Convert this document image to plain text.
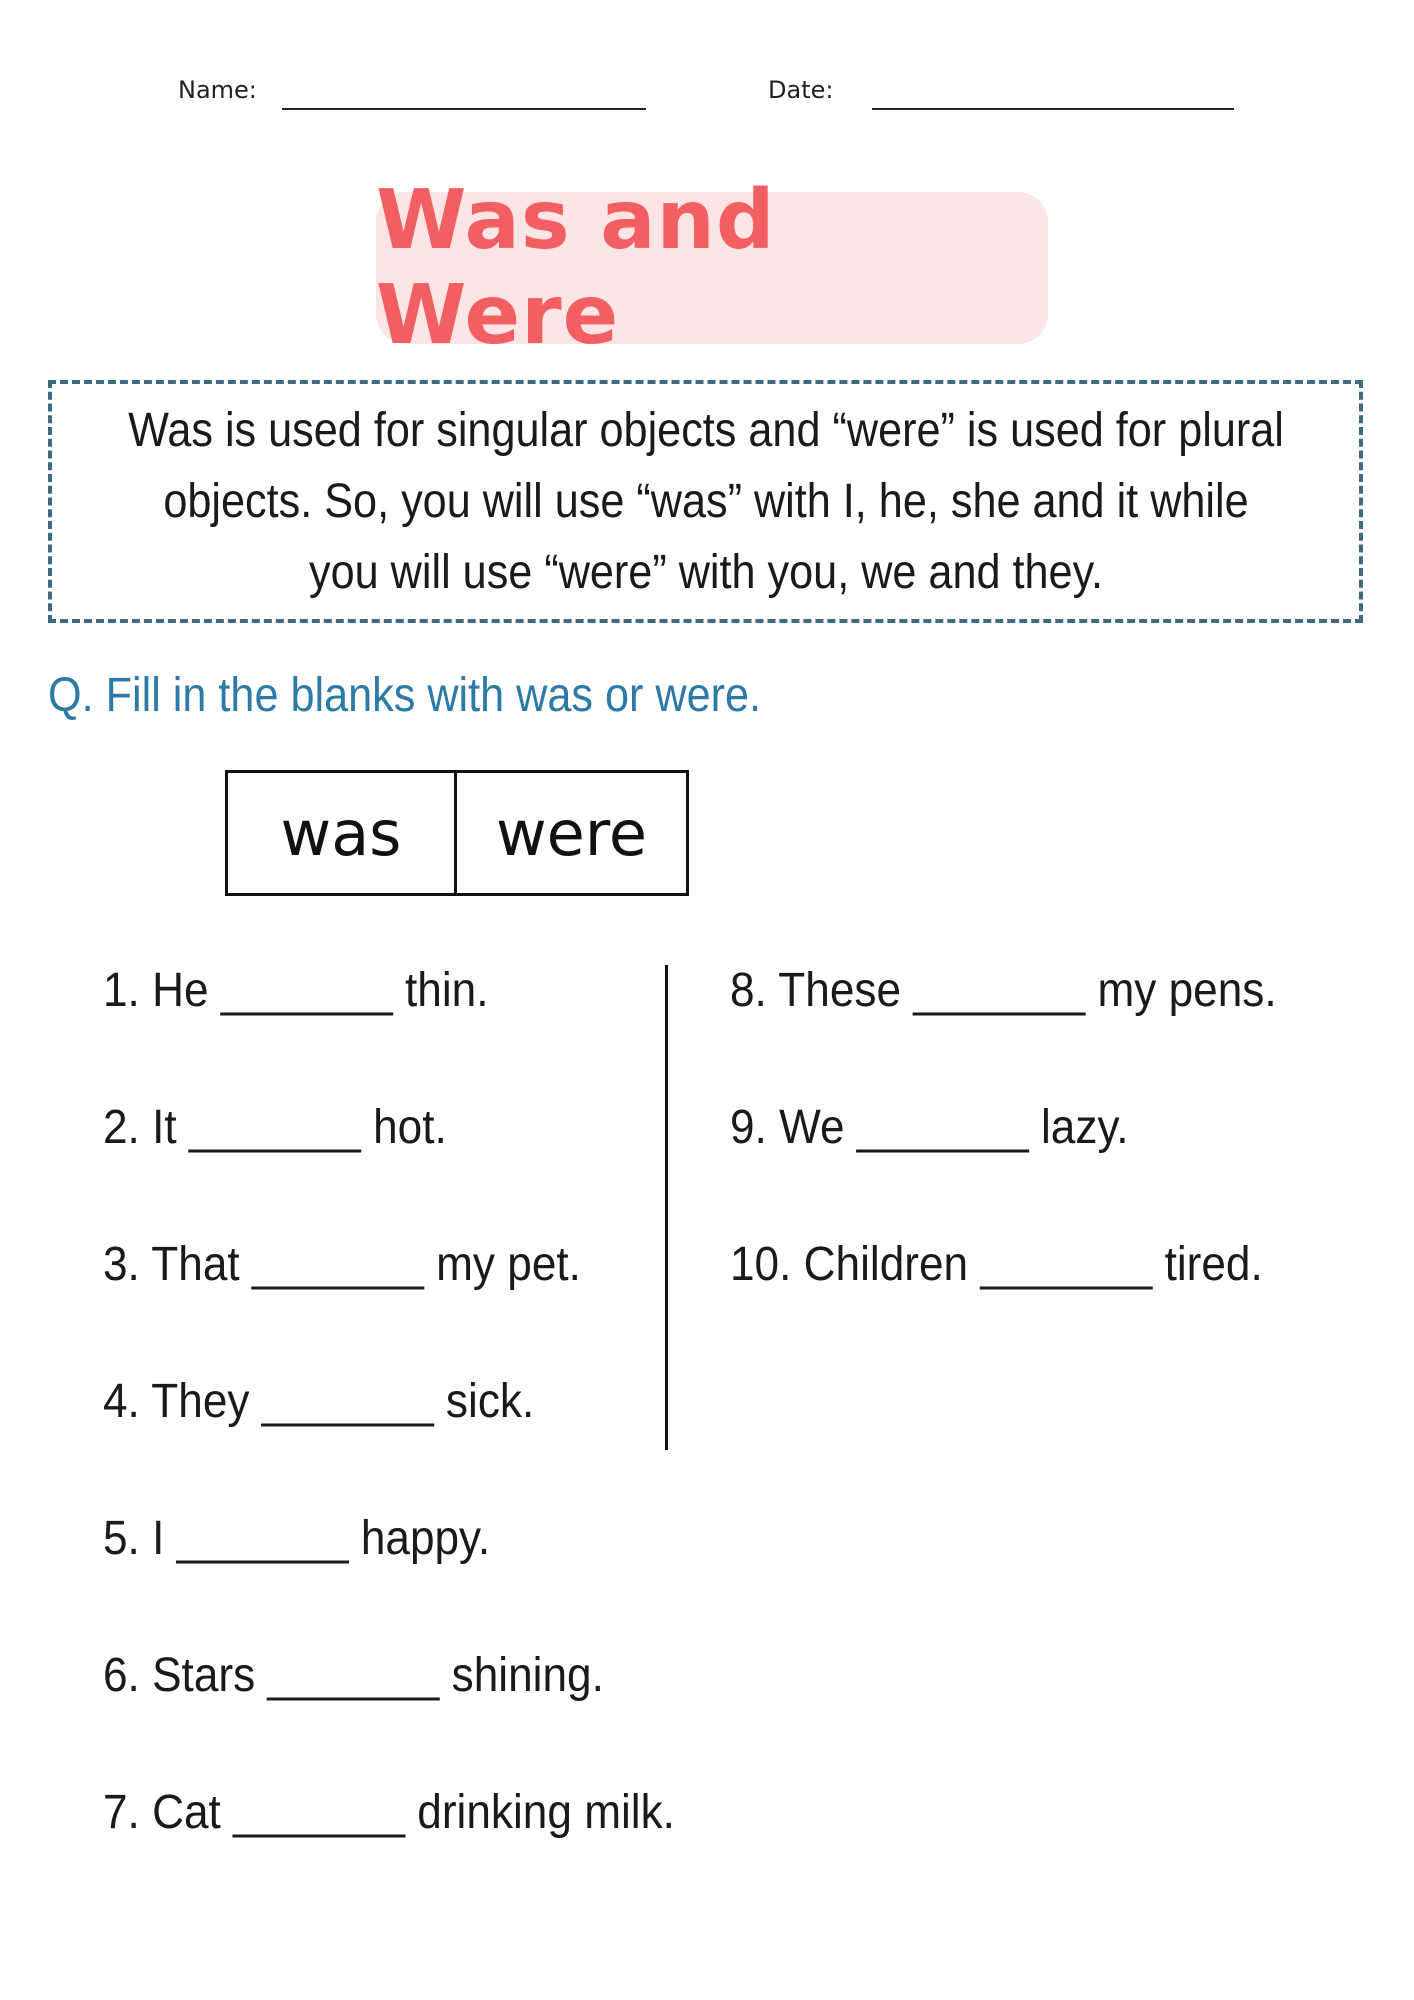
Name:	Date:
Was and Were
Was is used for singular objects and “were” is used for plural objects. So, you will use “was” with I, he, she and it while you will use “were” with you, we and they.
Q. Fill in the blanks with was or were.
was	were
1. He _______ thin.
2. It _______ hot.
3. That _______ my pet.
4. They _______ sick.
5. I _______ happy.
6. Stars _______ shining.
7. Cat _______ drinking milk.
8. These _______ my pens.
9. We _______ lazy.
10. Children _______ tired.
